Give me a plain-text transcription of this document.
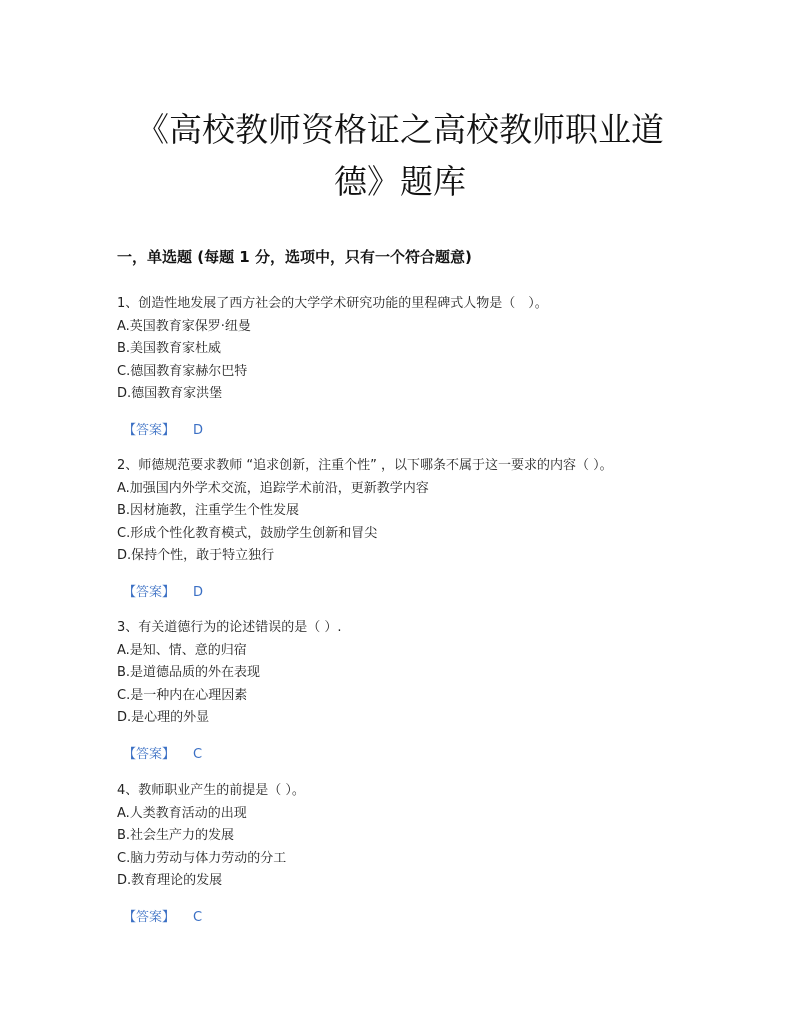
《高校教师资格证之高校教师职业道
德》题库
一，单选题 (每题 1 分，选项中，只有一个符合题意)
1、创造性地发展了西方社会的大学学术研究功能的里程碑式人物是（　）。
A.英国教育家保罗·纽曼
B.美国教育家杜威
C.德国教育家赫尔巴特
D.德国教育家洪堡
【答案】 D
2、师德规范要求教师 “追求创新，注重个性” ，以下哪条不属于这一要求的内容（ ）。
A.加强国内外学术交流，追踪学术前沿，更新教学内容
B.因材施教，注重学生个性发展
C.形成个性化教育模式，鼓励学生创新和冒尖
D.保持个性，敢于特立独行
【答案】 D
3、有关道德行为的论述错误的是（ ）.
A.是知、情、意的归宿
B.是道德品质的外在表现
C.是一种内在心理因素
D.是心理的外显
【答案】 C
4、教师职业产生的前提是（ ）。
A.人类教育活动的出现
B.社会生产力的发展
C.脑力劳动与体力劳动的分工
D.教育理论的发展
【答案】 C
